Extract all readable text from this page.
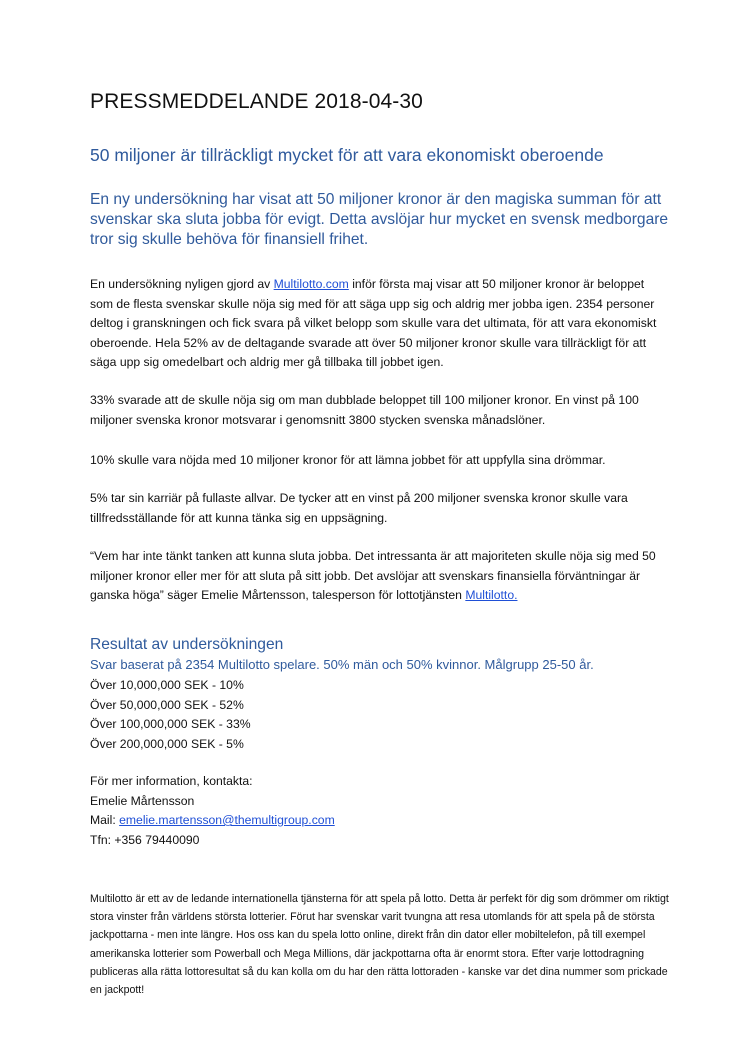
PRESSMEDDELANDE 2018-04-30
50 miljoner är tillräckligt mycket för att vara ekonomiskt oberoende
En ny undersökning har visat att 50 miljoner kronor är den magiska summan för att svenskar ska sluta jobba för evigt. Detta avslöjar hur mycket en svensk medborgare tror sig skulle behöva för finansiell frihet.

En undersökning nyligen gjord av Multilotto.com inför första maj visar att 50 miljoner kronor är beloppet som de flesta svenskar skulle nöja sig med för att säga upp sig och aldrig mer jobba igen. 2354 personer deltog i granskningen och fick svara på vilket belopp som skulle vara det ultimata, för att vara ekonomiskt oberoende. Hela 52% av de deltagande svarade att över 50 miljoner kronor skulle vara tillräckligt för att säga upp sig omedelbart och aldrig mer gå tillbaka till jobbet igen.

33% svarade att de skulle nöja sig om man dubblade beloppet till 100 miljoner kronor. En vinst på 100 miljoner svenska kronor motsvarar i genomsnitt 3800 stycken svenska månadslöner.

10% skulle vara nöjda med 10 miljoner kronor för att lämna jobbet för att uppfylla sina drömmar.

5% tar sin karriär på fullaste allvar. De tycker att en vinst på 200 miljoner svenska kronor skulle vara tillfredsställande för att kunna tänka sig en uppsägning.

“Vem har inte tänkt tanken att kunna sluta jobba. Det intressanta är att majoriteten skulle nöja sig med 50 miljoner kronor eller mer för att sluta på sitt jobb. Det avslöjar att svenskars finansiella förväntningar är ganska höga” säger Emelie Mårtensson, talesperson för lottotjänsten Multilotto.

Resultat av undersökningen
Svar baserat på 2354 Multilotto spelare. 50% män och 50% kvinnor. Målgrupp 25-50 år.
Över 10,000,000 SEK - 10%
Över 50,000,000 SEK - 52%
Över 100,000,000 SEK - 33%
Över 200,000,000 SEK - 5%
För mer information, kontakta:
Emelie Mårtensson
Mail: emelie.martensson@themultigroup.com
Tfn: +356 79440090
Multilotto är ett av de ledande internationella tjänsterna för att spela på lotto. Detta är perfekt för dig som drömmer om riktigt stora vinster från världens största lotterier. Förut har svenskar varit tvungna att resa utomlands för att spela på de största jackpottarna - men inte längre. Hos oss kan du spela lotto online, direkt från din dator eller mobiltelefon, på till exempel amerikanska lotterier som Powerball och Mega Millions, där jackpottarna ofta är enormt stora. Efter varje lottodragning publiceras alla rätta lottoresultat så du kan kolla om du har den rätta lottoraden - kanske var det dina nummer som prickade en jackpott!
